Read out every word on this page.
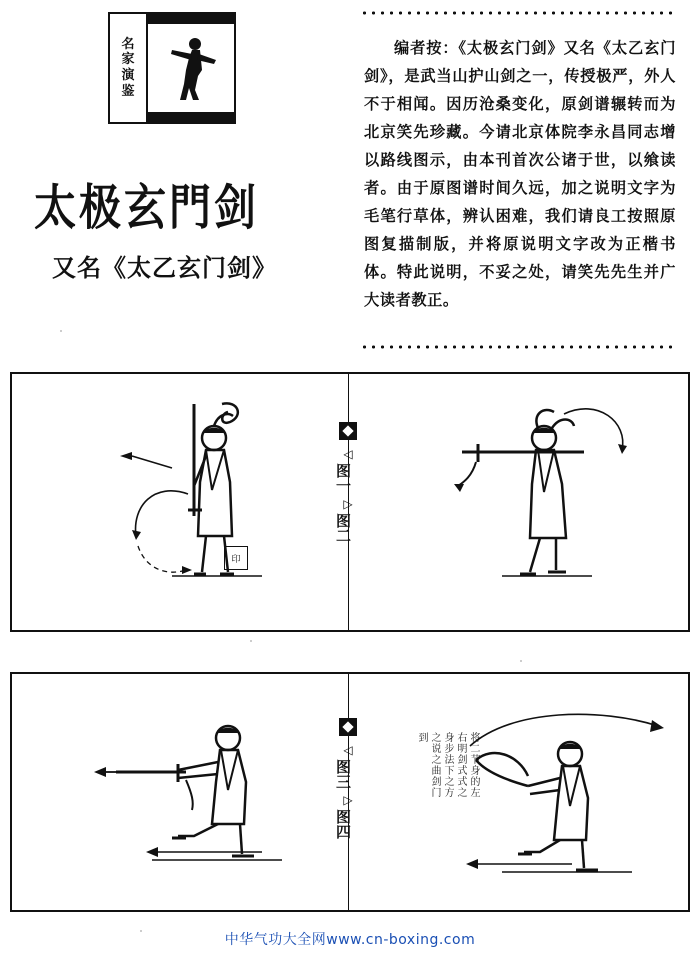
名
家
演
鉴
太极玄門剑
又名《太乙玄门剑》
编者按：《太极玄门剑》又名《太乙玄门剑》，是武当山护山剑之一，传授极严，外人不于相闻。因历沧桑变化，原剑谱辗转而为北京笑先珍藏。今请北京体院李永昌同志增以路线图示，由本刊首次公诸于世，以飨读者。由于原图谱时间久远，加之说明文字为毛笔行草体，辨认困难，我们请良工按照原图复描制版，并将原说明文字改为正楷书体。特此说明，不妥之处，请笑先先生并广大读者教正。
印
◁
图一
▷
图二
◁
图三
▷
图四
将二节身的左右明剑式式之身步法下之方之说之曲剑门到
中华气功大全网www.cn-boxing.com
